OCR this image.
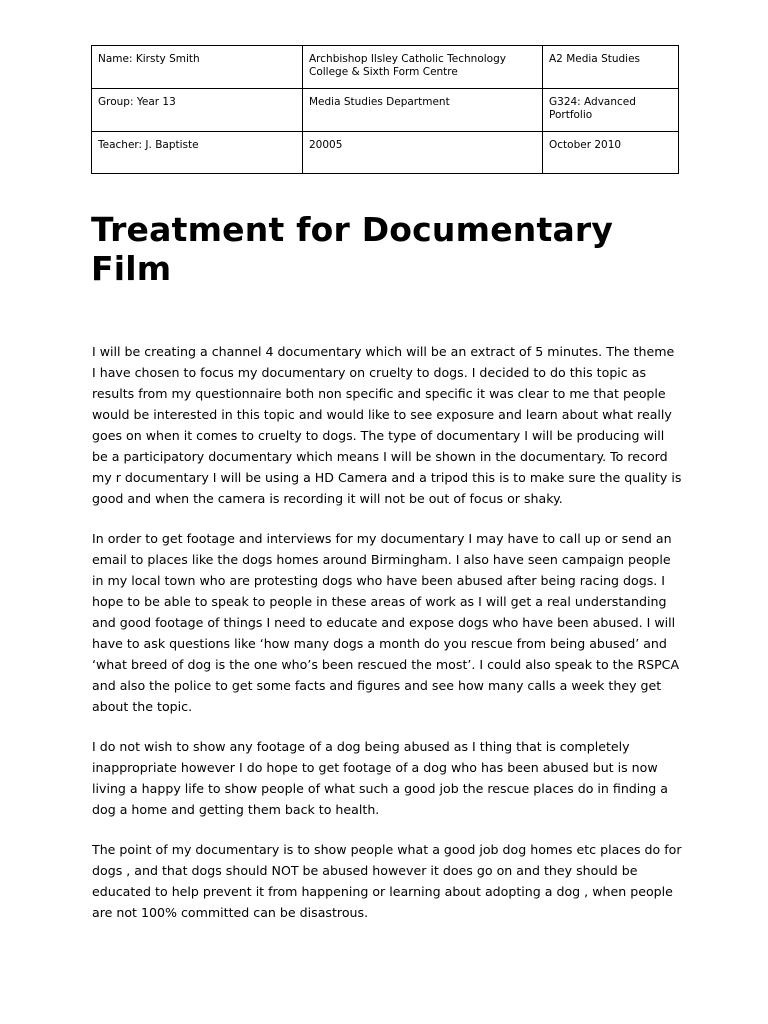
Name: Kirsty Smith	Archbishop Ilsley Catholic Technology College & Sixth Form Centre	A2 Media Studies
Group: Year 13	Media Studies Department	G324: Advanced Portfolio
Teacher: J. Baptiste	20005	October 2010
Treatment for Documentary Film

I will be creating a channel 4 documentary which will be an extract of 5 minutes. The theme I have chosen to focus my documentary on cruelty to dogs. I decided to do this topic as results from my questionnaire both non specific and specific it was clear to me that people would be interested in this topic and would like to see exposure and learn about what really goes on when it comes to cruelty to dogs. The type of documentary I will be producing will be a participatory documentary which means I will be shown in the documentary. To record my r documentary I will be using a HD Camera and a tripod this is to make sure the quality is good and when the camera is recording it will not be out of focus or shaky.

In order to get footage and interviews for my documentary I may have to call up or send an email to places like the dogs homes around Birmingham. I also have seen campaign people in my local town who are protesting dogs who have been abused after being racing dogs. I hope to be able to speak to people in these areas of work as I will get a real understanding and good footage of things I need to educate and expose dogs who have been abused. I will have to ask questions like ‘how many dogs a month do you rescue from being abused’ and ‘what breed of dog is the one who’s been rescued the most’. I could also speak to the RSPCA and also the police to get some facts and figures and see how many calls a week they get about the topic.

I do not wish to show any footage of a dog being abused as I thing that is completely inappropriate however I do hope to get footage of a dog who has been abused but is now living a happy life to show people of what such a good job the rescue places do in finding a dog a home and getting them back to health.

The point of my documentary is to show people what a good job dog homes etc places do for dogs , and that dogs should NOT be abused however it does go on and they should be educated to help prevent it from happening or learning about adopting a dog , when people are not 100% committed can be disastrous.
